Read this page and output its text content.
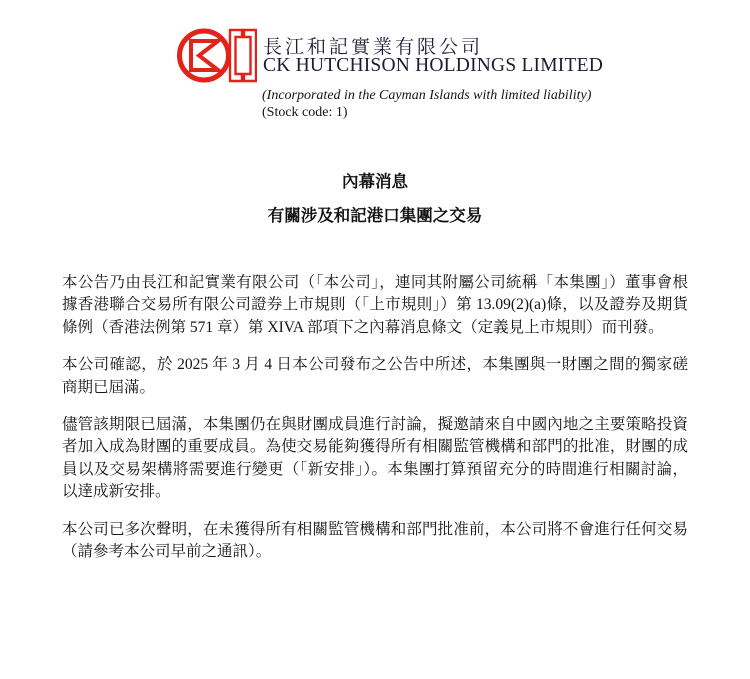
長江和記實業有限公司
CK HUTCHISON HOLDINGS LIMITED
(Incorporated in the Cayman Islands with limited liability)
(Stock code: 1)
內幕消息
有關涉及和記港口集團之交易

本公告乃由長江和記實業有限公司（「本公司」，連同其附屬公司統稱「本集團」）董事會根據香港聯合交易所有限公司證券上市規則（「上市規則」）第 13.09(2)(a)條，以及證券及期貨條例（香港法例第 571 章）第 XIVA 部項下之內幕消息條文（定義見上市規則）而刊發。

本公司確認，於 2025 年 3 月 4 日本公司發布之公告中所述，本集團與一財團之間的獨家磋商期已屆滿。

儘管該期限已屆滿，本集團仍在與財團成員進行討論，擬邀請來自中國內地之主要策略投資者加入成為財團的重要成員。為使交易能夠獲得所有相關監管機構和部門的批准，財團的成員以及交易架構將需要進行變更（「新安排」）。本集團打算預留充分的時間進行相關討論，以達成新安排。

本公司已多次聲明，在未獲得所有相關監管機構和部門批准前，本公司將不會進行任何交易（請參考本公司早前之通訊）。
